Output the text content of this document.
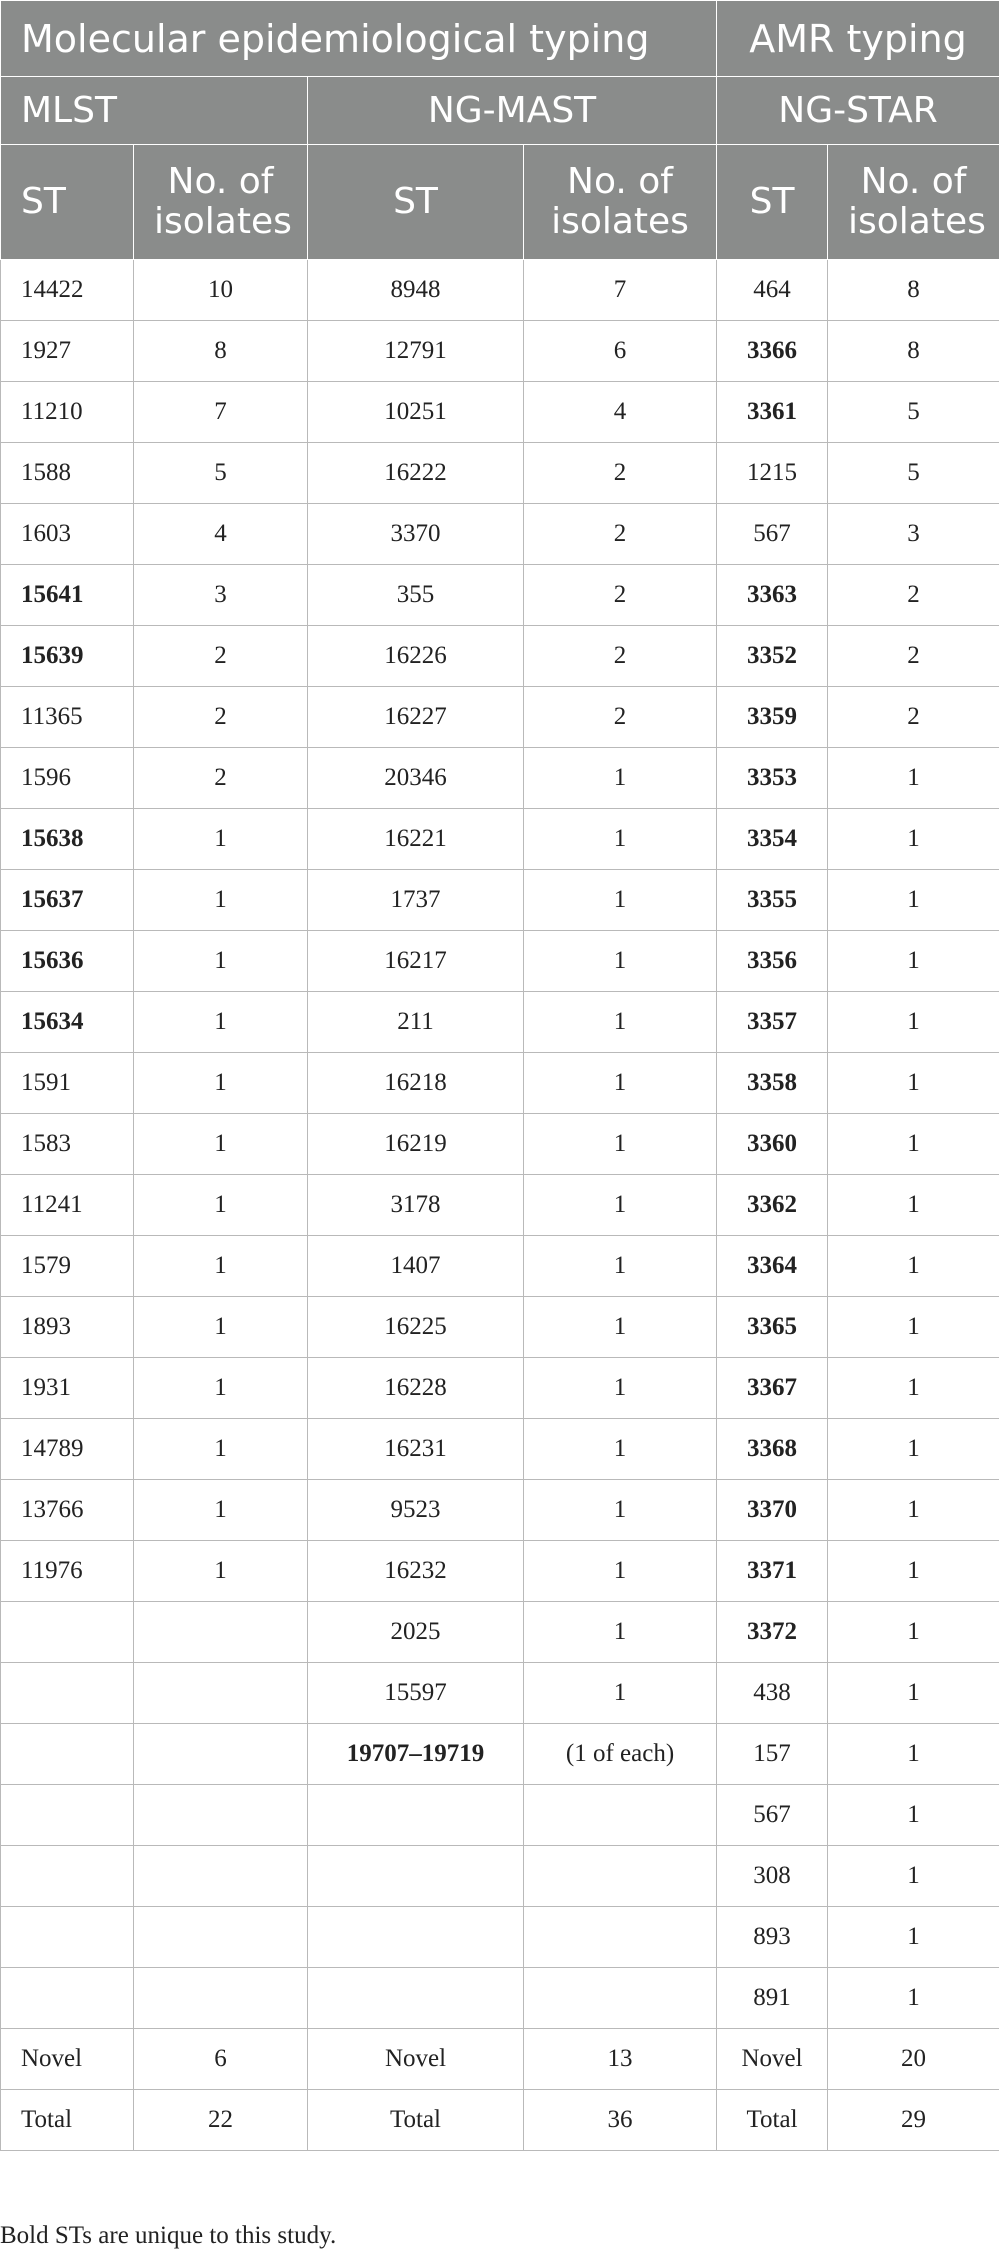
Molecular epidemiological typing				AMR typing	
MLST		NG-MAST		NG-STAR	
ST	No. of isolates	ST	No. of isolates	ST	No. of isolates
14422	10	8948	7	464	8
1927	8	12791	6	3366	8
11210	7	10251	4	3361	5
1588	5	16222	2	1215	5
1603	4	3370	2	567	3
15641	3	355	2	3363	2
15639	2	16226	2	3352	2
11365	2	16227	2	3359	2
1596	2	20346	1	3353	1
15638	1	16221	1	3354	1
15637	1	1737	1	3355	1
15636	1	16217	1	3356	1
15634	1	211	1	3357	1
1591	1	16218	1	3358	1
1583	1	16219	1	3360	1
11241	1	3178	1	3362	1
1579	1	1407	1	3364	1
1893	1	16225	1	3365	1
1931	1	16228	1	3367	1
14789	1	16231	1	3368	1
13766	1	9523	1	3370	1
11976	1	16232	1	3371	1
		2025	1	3372	1
		15597	1	438	1
		19707–19719	(1 of each)	157	1
				567	1
				308	1
				893	1
				891	1
Novel	6	Novel	13	Novel	20
Total	22	Total	36	Total	29
Bold STs are unique to this study.
